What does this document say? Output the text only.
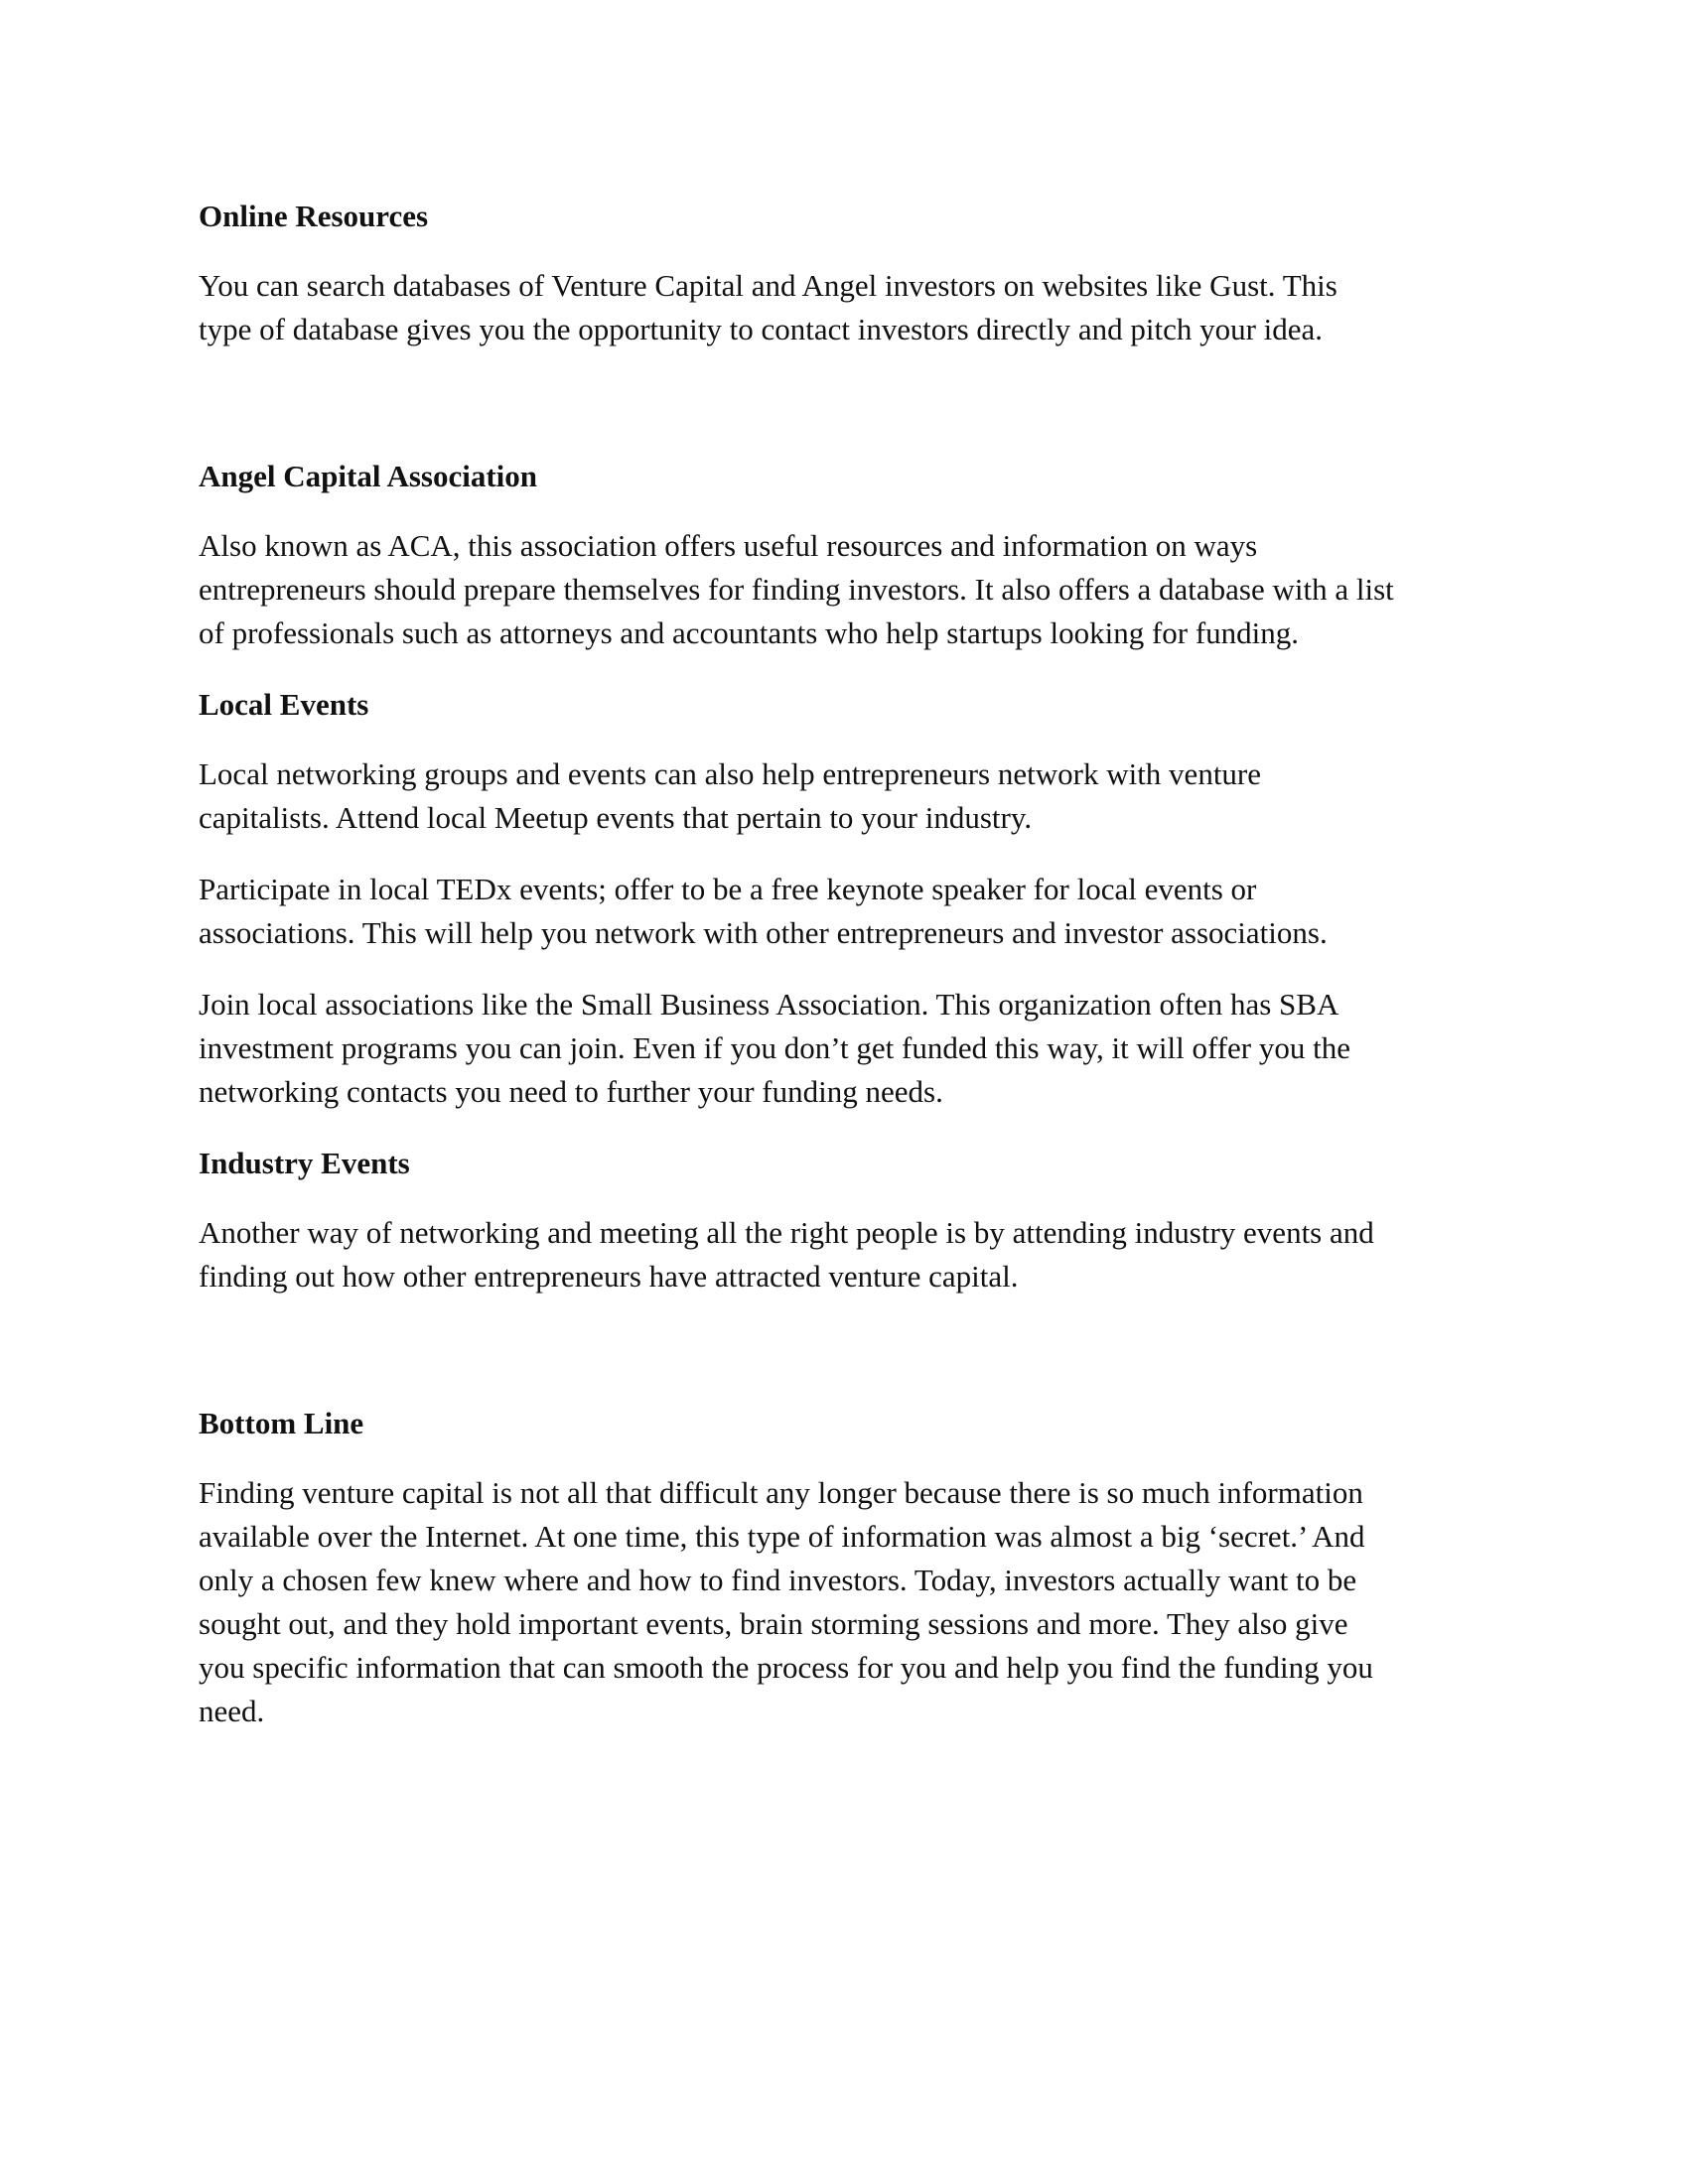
Online Resources

You can search databases of Venture Capital and Angel investors on websites like Gust. This
type of database gives you the opportunity to contact investors directly and pitch your idea.

Angel Capital Association

Also known as ACA, this association offers useful resources and information on ways
entrepreneurs should prepare themselves for finding investors. It also offers a database with a list
of professionals such as attorneys and accountants who help startups looking for funding.

Local Events

Local networking groups and events can also help entrepreneurs network with venture
capitalists. Attend local Meetup events that pertain to your industry.

Participate in local TEDx events; offer to be a free keynote speaker for local events or
associations. This will help you network with other entrepreneurs and investor associations.

Join local associations like the Small Business Association. This organization often has SBA
investment programs you can join. Even if you don’t get funded this way, it will offer you the
networking contacts you need to further your funding needs.

Industry Events

Another way of networking and meeting all the right people is by attending industry events and
finding out how other entrepreneurs have attracted venture capital.

Bottom Line

Finding venture capital is not all that difficult any longer because there is so much information
available over the Internet. At one time, this type of information was almost a big ‘secret.’ And
only a chosen few knew where and how to find investors. Today, investors actually want to be
sought out, and they hold important events, brain storming sessions and more. They also give
you specific information that can smooth the process for you and help you find the funding you
need.
